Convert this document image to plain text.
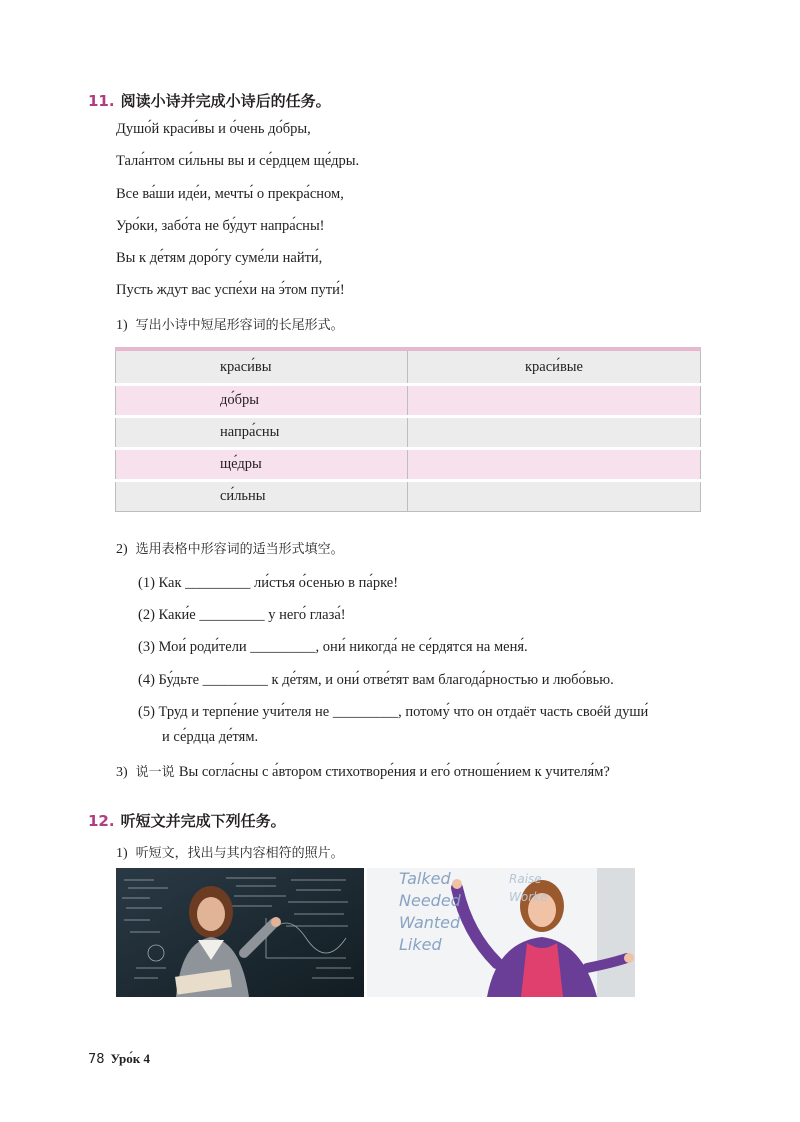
11. 阅读小诗并完成小诗后的任务。
Душо́й краси́вы и о́чень до́бры,
Тала́нтом си́льны вы и се́рдцем ще́дры.
Все ва́ши иде́и, мечты́ о прекра́сном,
Уро́ки, забо́та не бу́дут напра́сны!
Вы к де́тям доро́гу суме́ли найти́,
Пусть ждут вас успе́хи на э́том пути́!
1) 写出小诗中短尾形容词的长尾形式。
краси́вы	краси́вые
до́бры	
напра́сны	
ще́дры	
си́льны	
2) 选用表格中形容词的适当形式填空。
(1) Как _________ ли́стья о́сенью в па́рке!
(2) Каки́е _________ у него́ глаза́!
(3) Мои́ роди́тели _________, они́ никогда́ не се́рдятся на меня́.
(4) Бу́дьте _________ к де́тям, и они́ отве́тят вам благода́рностью и любо́вью.
(5) Труд и терпе́ние учи́теля не _________, потому́ что он отдаёт часть своéй души́
и се́рдца де́тям.
3) 说一说 Вы согла́сны с а́втором стихотворе́ния и его́ отноше́нием к учителя́м?
12. 听短文并完成下列任务。
1) 听短文，找出与其内容相符的照片。
Talked
Needed
Wanted
Liked
Raise
Worke
78 Уро́к 4
